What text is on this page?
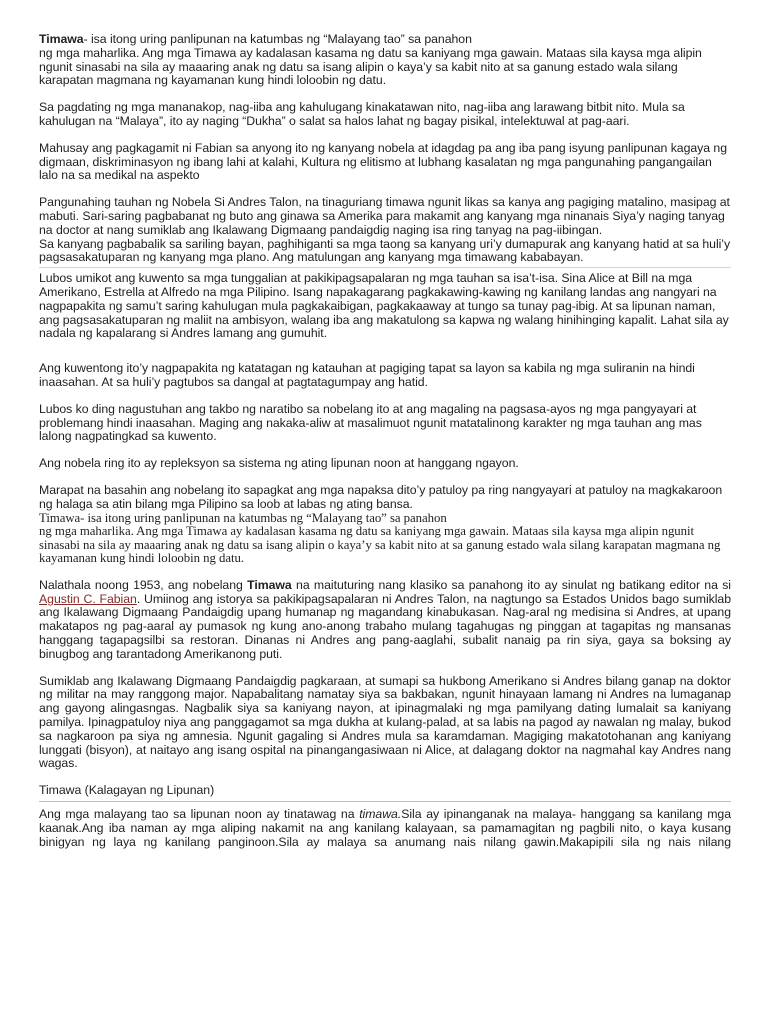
Timawa- isa itong uring panlipunan na katumbas ng “Malayang tao” sa panahon
ng mga maharlika. Ang mga Timawa ay kadalasan kasama ng datu sa kaniyang mga gawain. Mataas sila kaysa mga alipin ngunit sinasabi na sila ay maaaring anak ng datu sa isang alipin o kaya’y sa kabit nito at sa ganung estado wala silang karapatan magmana ng kayamanan kung hindi loloobin ng datu.

Sa pagdating ng mga mananakop, nag-iiba ang kahulugang kinakatawan nito, nag-iiba ang larawang bitbit nito. Mula sa kahulugan na “Malaya”, ito ay naging “Dukha” o salat sa halos lahat ng bagay pisikal, intelektuwal at pag-aari.

Mahusay ang pagkagamit ni Fabian sa anyong ito ng kanyang nobela at idagdag pa ang iba pang isyung panlipunan kagaya ng digmaan, diskriminasyon ng ibang lahi at kalahi, Kultura ng elitismo at lubhang kasalatan ng mga pangunahing pangangailan lalo na sa medikal na aspekto

Pangunahing tauhan ng Nobela Si Andres Talon, na tinaguriang timawa ngunit likas sa kanya ang pagiging matalino, masipag at mabuti. Sari-saring pagbabanat ng buto ang ginawa sa Amerika para makamit ang kanyang mga ninanais Siya’y naging tanyag na doctor at nang sumiklab ang Ikalawang Digmaang pandaigdig naging isa ring tanyag na pag-iibingan.

Sa kanyang pagbabalik sa sariling bayan, paghihiganti sa mga taong sa kanyang uri’y dumapurak ang kanyang hatid at sa huli’y pagsasakatuparan ng kanyang mga plano. Ang matulungan ang kanyang mga timawang kababayan.

Lubos umikot ang kuwento sa mga tunggalian at pakikipagsapalaran ng mga tauhan sa isa’t-isa. Sina Alice at Bill na mga Amerikano, Estrella at Alfredo na mga Pilipino. Isang napakagarang pagkakawing-kawing ng kanilang landas ang nangyari na nagpapakita ng samu’t saring kahulugan mula pagkakaibigan, pagkakaaway at tungo sa tunay pag-ibig. At sa lipunan naman, ang pagsasakatuparan ng maliit na ambisyon, walang iba ang makatulong sa kapwa ng walang hinihinging kapalit. Lahat sila ay nadala ng kapalarang si Andres lamang ang gumuhit.

Ang kuwentong ito’y nagpapakita ng katatagan ng katauhan at pagiging tapat sa layon sa kabila ng mga suliranin na hindi inaasahan. At sa huli’y pagtubos sa dangal at pagtatagumpay ang hatid.

Lubos ko ding nagustuhan ang takbo ng naratibo sa nobelang ito at ang magaling na pagsasa-ayos ng mga pangyayari at problemang hindi inaasahan. Maging ang nakaka-aliw at masalimuot ngunit matatalinong karakter ng mga tauhan ang mas lalong nagpatingkad sa kuwento.

Ang nobela ring ito ay repleksyon sa sistema ng ating lipunan noon at hanggang ngayon.

Marapat na basahin ang nobelang ito sapagkat ang mga napaksa dito’y patuloy pa ring nangyayari at patuloy na magkakaroon ng halaga sa atin bilang mga Pilipino sa loob at labas ng ating bansa.

Timawa- isa itong uring panlipunan na katumbas ng “Malayang tao” sa panahon
ng mga maharlika. Ang mga Timawa ay kadalasan kasama ng datu sa kaniyang mga gawain. Mataas sila kaysa mga alipin ngunit sinasabi na sila ay maaaring anak ng datu sa isang alipin o kaya’y sa kabit nito at sa ganung estado wala silang karapatan magmana ng kayamanan kung hindi loloobin ng datu.

Nalathala noong 1953, ang nobelang Timawa na maituturing nang klasiko sa panahong ito ay sinulat ng batikang editor na si Agustin C. Fabian. Umiinog ang istorya sa pakikipagsapalaran ni Andres Talon, na nagtungo sa Estados Unidos bago sumiklab ang Ikalawang Digmaang Pandaigdig upang humanap ng magandang kinabukasan. Nag-aral ng medisina si Andres, at upang makatapos ng pag-aaral ay pumasok ng kung ano-anong trabaho mulang tagahugas ng pinggan at tagapitas ng mansanas hanggang tagapagsilbi sa restoran. Dinanas ni Andres ang pang-aaglahi, subalit nanaig pa rin siya, gaya sa boksing ay binugbog ang tarantadong Amerikanong puti.

Sumiklab ang Ikalawang Digmaang Pandaigdig pagkaraan, at sumapi sa hukbong Amerikano si Andres bilang ganap na doktor ng militar na may ranggong major. Napabalitang namatay siya sa bakbakan, ngunit hinayaan lamang ni Andres na lumaganap ang gayong alingasngas. Nagbalik siya sa kaniyang nayon, at ipinagmalaki ng mga pamilyang dating lumalait sa kaniyang pamilya. Ipinagpatuloy niya ang panggagamot sa mga dukha at kulang-palad, at sa labis na pagod ay nawalan ng malay, bukod sa nagkaroon pa siya ng amnesia. Ngunit gagaling si Andres mula sa karamdaman. Magiging makatotohanan ang kaniyang lunggati (bisyon), at naitayo ang isang ospital na pinangangasiwaan ni Alice, at dalagang doktor na nagmahal kay Andres nang wagas.

Timawa (Kalagayan ng Lipunan)

Ang mga malayang tao sa lipunan noon ay tinatawag na timawa.Sila ay ipinanganak na malaya- hanggang sa kanilang mga kaanak.Ang iba naman ay mga aliping nakamit na ang kanilang kalayaan, sa pamamagitan ng pagbili nito, o kaya kusang binigyan ng laya ng kanilang panginoon.Sila ay malaya sa anumang nais nilang gawin.Makapipili sila ng nais nilang
